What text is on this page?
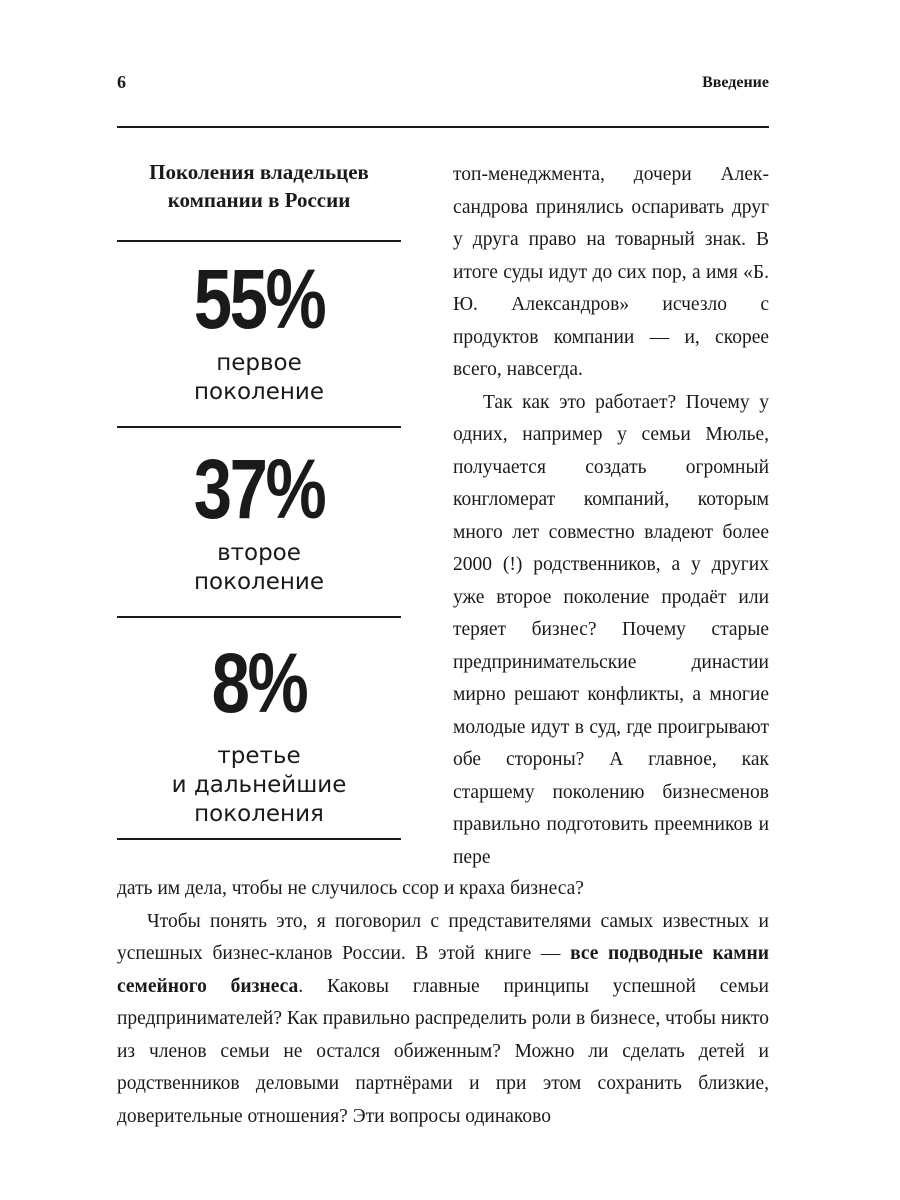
6	Введение

Поколения владельцев
компании в России

55%
первое
поколение
37%
второе
поколение
8%
третье
и дальнейшие
поколения

топ-менеджмента, дочери Александрова принялись оспаривать друг у друга право на товарный знак. В итоге суды идут до сих пор, а имя «Б. Ю. Александров» исчезло с продуктов компании — и, скорее всего, навсегда.

Так как это работает? Почему у одних, например у семьи Мюлье, получается создать огромный конгломерат компаний, которым много лет совместно владеют более 2000 (!) родственников, а у других уже второе поколение продаёт или теряет бизнес? Почему старые предпринимательские династии мирно решают конфликты, а многие молодые идут в суд, где проигрывают обе стороны? А главное, как старшему поколению бизнесменов правильно подготовить преемников и пере

дать им дела, чтобы не случилось ссор и краха бизнеса?

Чтобы понять это, я поговорил с представителями самых известных и успешных бизнес-кланов России. В этой книге — все подводные камни семейного бизнеса. Каковы главные принципы успешной семьи предпринимателей? Как правильно распределить роли в бизнесе, чтобы никто из членов семьи не остался обиженным? Можно ли сделать детей и родственников деловыми партнёрами и при этом сохранить близкие, доверительные отношения? Эти вопросы одинаково
